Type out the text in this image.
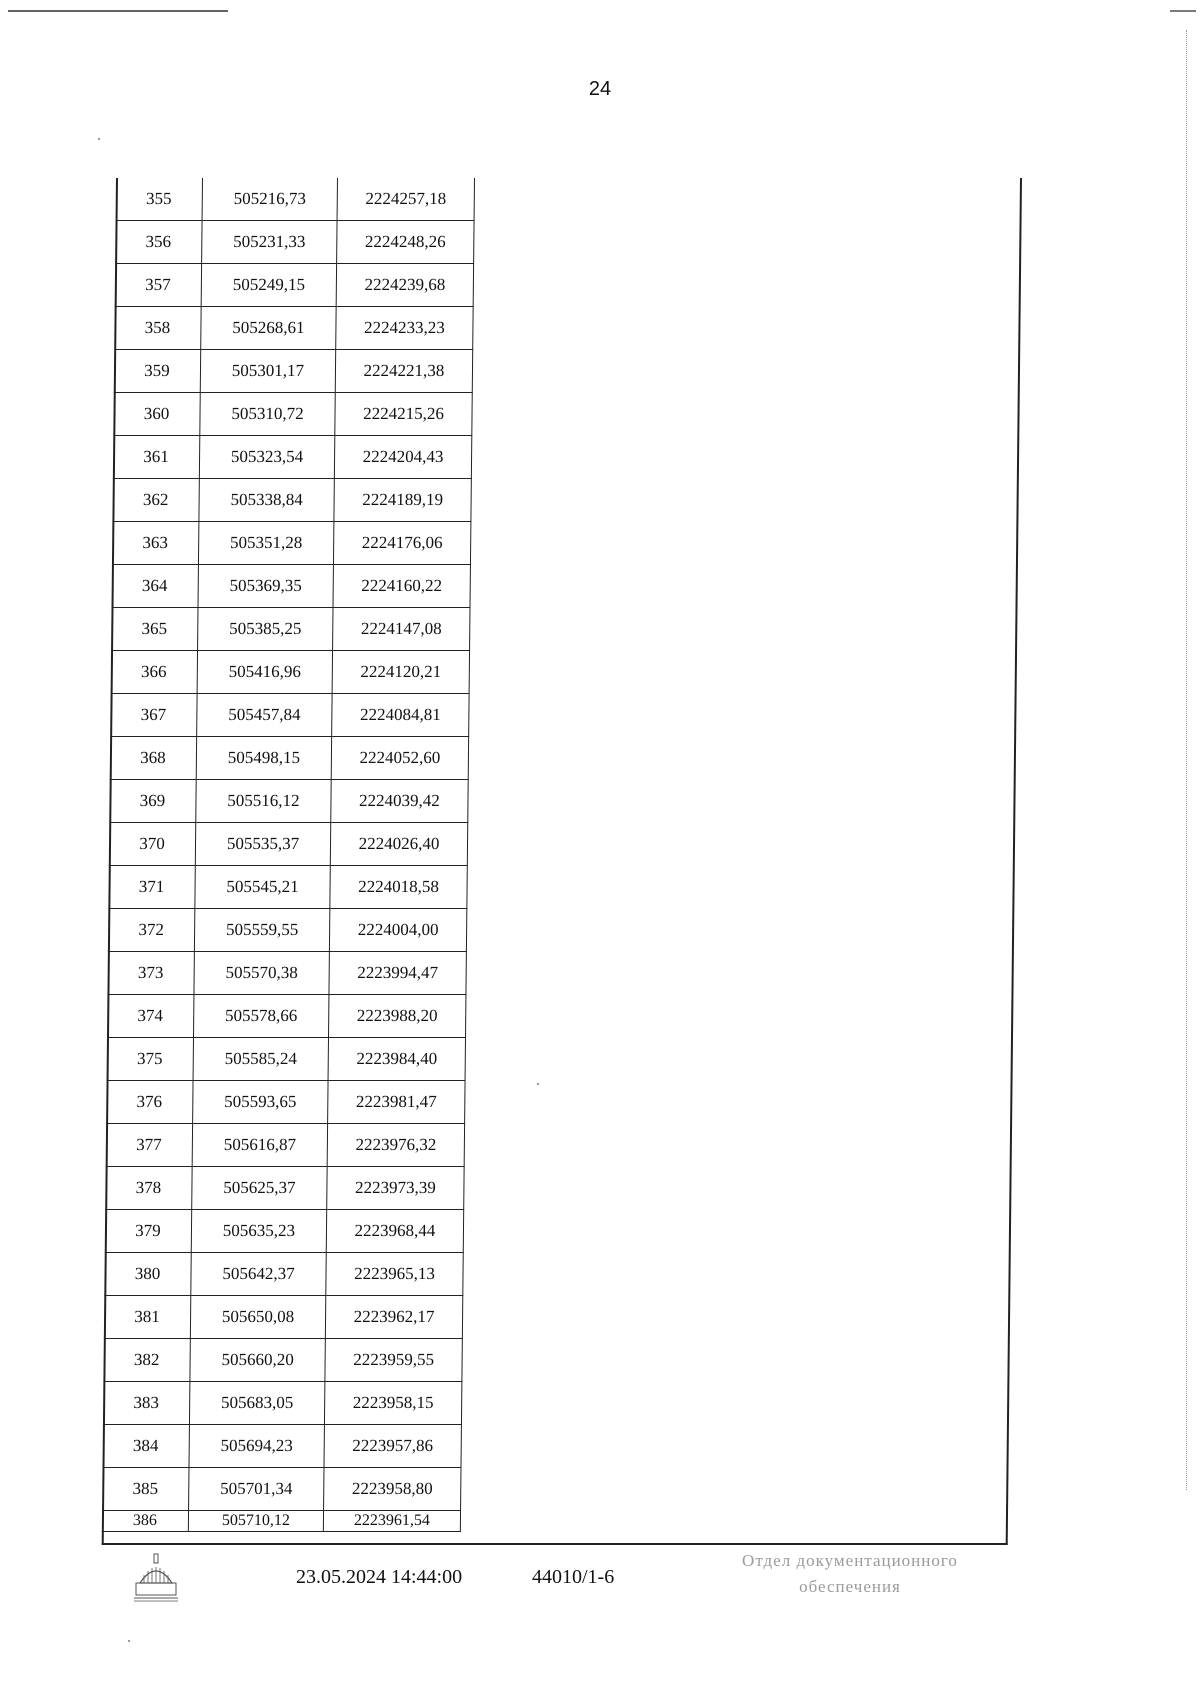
24
355	505216,73	2224257,18
356	505231,33	2224248,26
357	505249,15	2224239,68
358	505268,61	2224233,23
359	505301,17	2224221,38
360	505310,72	2224215,26
361	505323,54	2224204,43
362	505338,84	2224189,19
363	505351,28	2224176,06
364	505369,35	2224160,22
365	505385,25	2224147,08
366	505416,96	2224120,21
367	505457,84	2224084,81
368	505498,15	2224052,60
369	505516,12	2224039,42
370	505535,37	2224026,40
371	505545,21	2224018,58
372	505559,55	2224004,00
373	505570,38	2223994,47
374	505578,66	2223988,20
375	505585,24	2223984,40
376	505593,65	2223981,47
377	505616,87	2223976,32
378	505625,37	2223973,39
379	505635,23	2223968,44
380	505642,37	2223965,13
381	505650,08	2223962,17
382	505660,20	2223959,55
383	505683,05	2223958,15
384	505694,23	2223957,86
385	505701,34	2223958,80
386	505710,12	2223961,54
23.05.2024 14:44:00	44010/1-6
Отдел документационного
обеспечения
